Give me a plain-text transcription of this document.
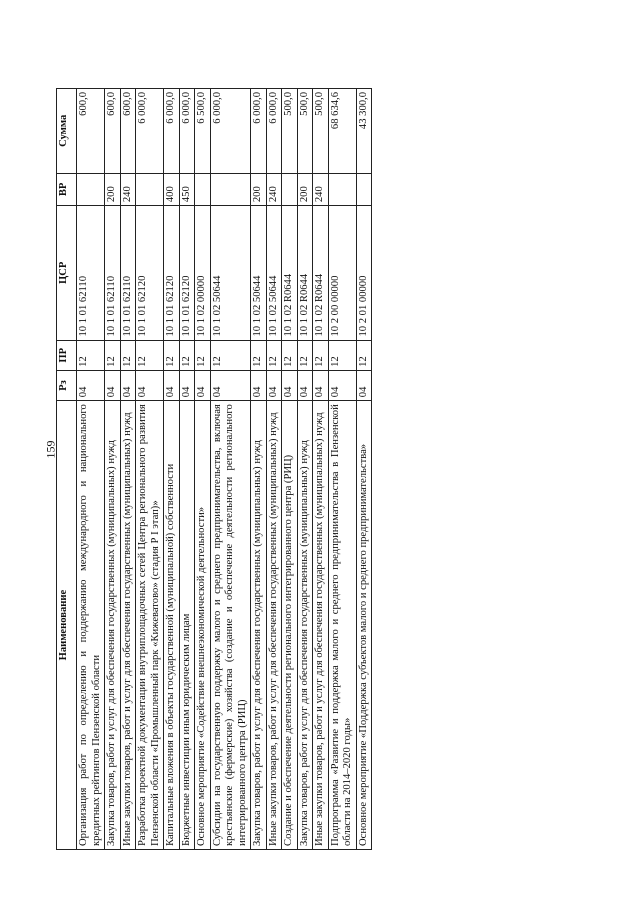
159
Наименование	Рз	ПР	ЦСР	ВР	Сумма
Организация работ по определению и поддержанию международного и национального кредитных рейтингов Пензенской области	04	12	10 1 01 62110		600,0
Закупка товаров, работ и услуг для обеспечения государственных (муниципальных) нужд	04	12	10 1 01 62110	200	600,0
Иные закупки товаров, работ и услуг для обеспечения государственных (муниципальных) нужд	04	12	10 1 01 62110	240	600,0
Разработка проектной документации внутриплощадочных сетей Центра регионального развития Пензенской области «Промышленный парк «Кижеватово» (стадия Р I этап)»	04	12	10 1 01 62120		6 000,0
Капитальные вложения в объекты государственной (муниципальной) собственности	04	12	10 1 01 62120	400	6 000,0
Бюджетные инвестиции иным юридическим лицам	04	12	10 1 01 62120	450	6 000,0
Основное мероприятие «Содействие внешнеэкономической деятельности»	04	12	10 1 02 00000		6 500,0
Субсидии на государственную поддержку малого и среднего предпринимательства, включая крестьянские (фермерские) хозяйства (создание и обеспечение деятельности регионального интегрированного центра (РИЦ)	04	12	10 1 02 50644		6 000,0
Закупка товаров, работ и услуг для обеспечения государственных (муниципальных) нужд	04	12	10 1 02 50644	200	6 000,0
Иные закупки товаров, работ и услуг для обеспечения государственных (муниципальных) нужд	04	12	10 1 02 50644	240	6 000,0
Создание и обеспечение деятельности регионального интегрированного центра (РИЦ)	04	12	10 1 02 R0644		500,0
Закупка товаров, работ и услуг для обеспечения государственных (муниципальных) нужд	04	12	10 1 02 R0644	200	500,0
Иные закупки товаров, работ и услуг для обеспечения государственных (муниципальных) нужд	04	12	10 1 02 R0644	240	500,0
Подпрограмма «Развитие и поддержка малого и среднего предпринимательства в Пензенской области на 2014–2020 годы»	04	12	10 2 00 00000		68 634,6
Основное мероприятие «Поддержка субъектов малого и среднего предпринимательства»	04	12	10 2 01 00000		43 300,0
